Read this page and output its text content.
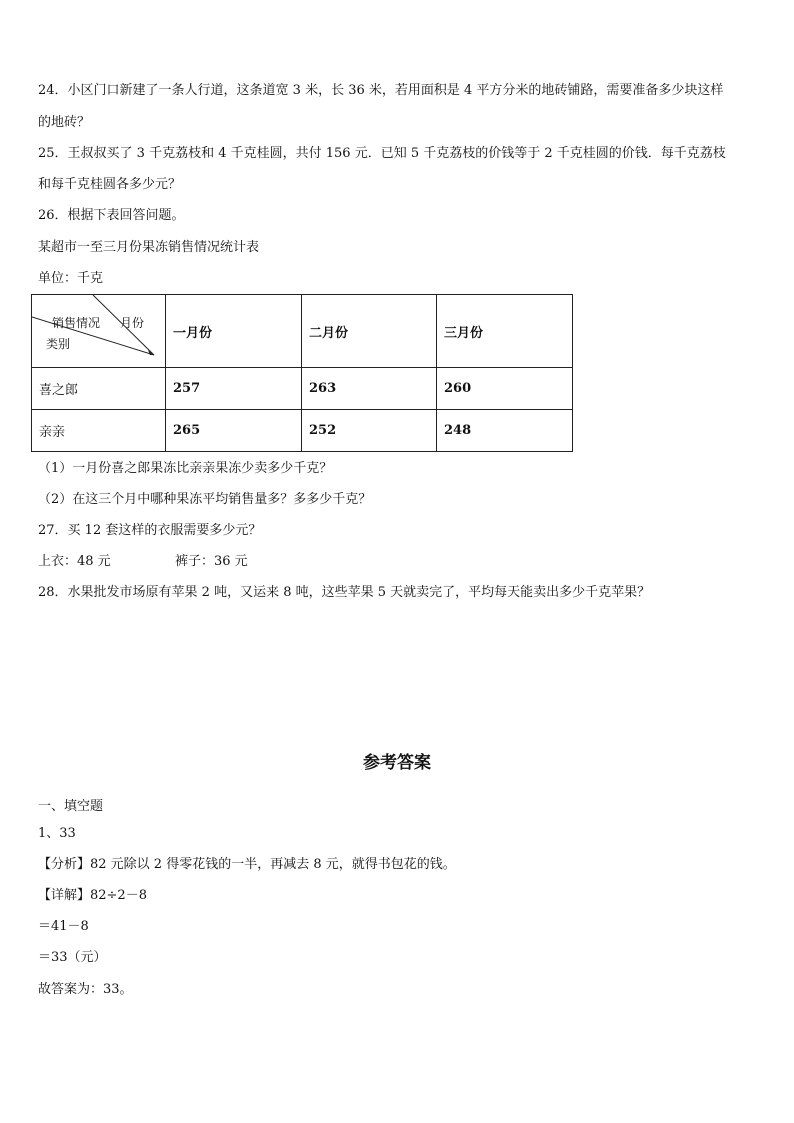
24．小区门口新建了一条人行道，这条道宽 3 米，长 36 米，若用面积是 4 平方分米的地砖铺路，需要准备多少块这样
的地砖？
25．王叔叔买了 3 千克荔枝和 4 千克桂圆，共付 156 元．已知 5 千克荔枝的价钱等于 2 千克桂圆的价钱．每千克荔枝
和每千克桂圆各多少元？
26．根据下表回答问题。
某超市一至三月份果冻销售情况统计表
单位：千克
销售情况 月份
类别	一月份	二月份	三月份
喜之郎	257	263	260
亲亲	265	252	248
（1）一月份喜之郎果冻比亲亲果冻少卖多少千克？
（2）在这三个月中哪种果冻平均销售量多？多多少千克？
27．买 12 套这样的衣服需要多少元？
上衣：48 元	裤子：36 元
28．水果批发市场原有苹果 2 吨，又运来 8 吨，这些苹果 5 天就卖完了，平均每天能卖出多少千克苹果？
参考答案
一、填空题
1、33
【分析】82 元除以 2 得零花钱的一半，再减去 8 元，就得书包花的钱。
【详解】82÷2－8
＝41－8
＝33（元）
故答案为：33。
